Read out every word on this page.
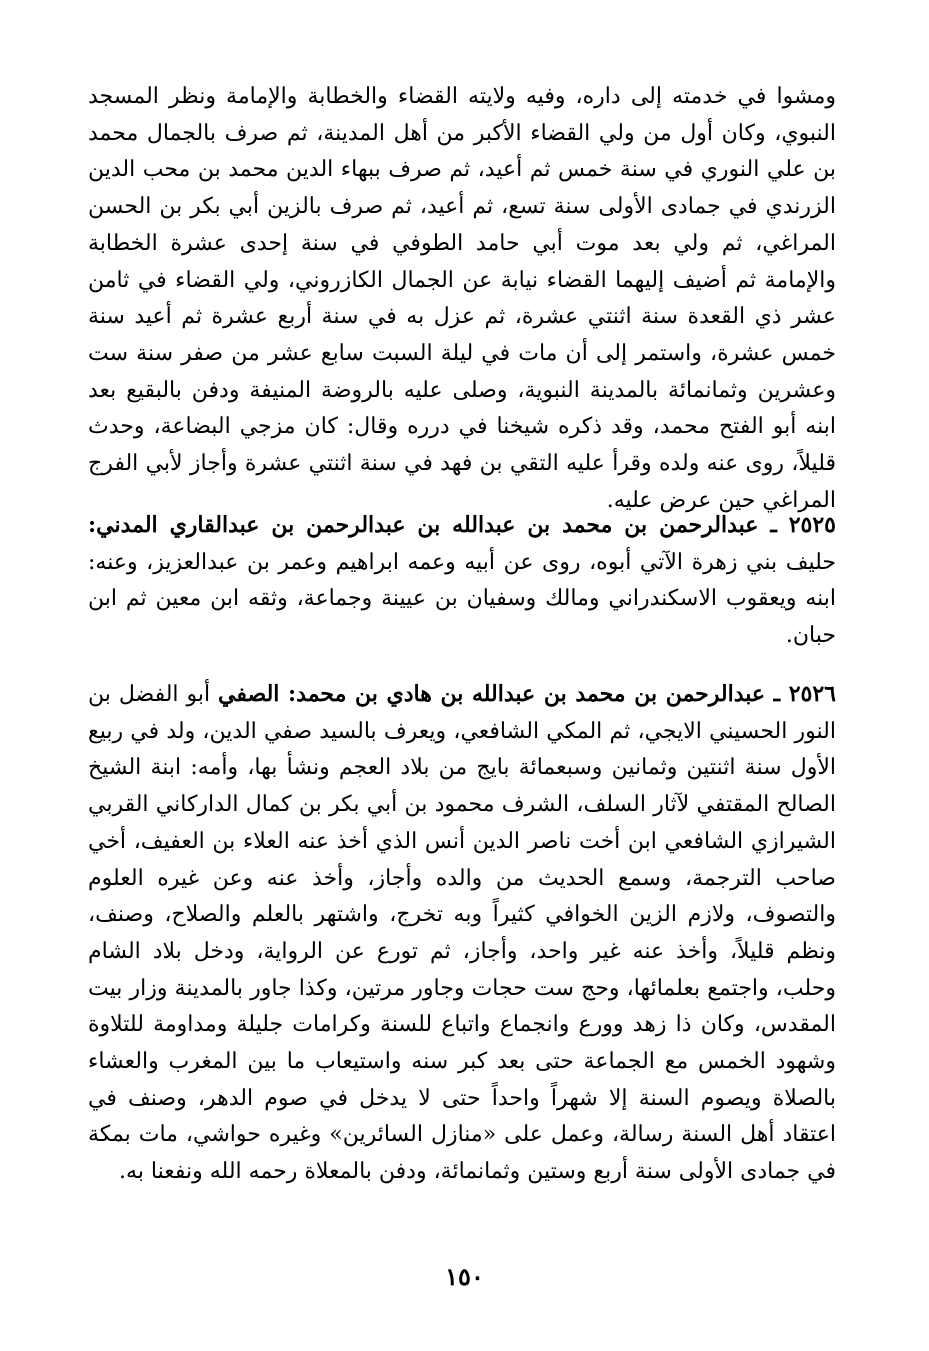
ومشوا في خدمته إلى داره، وفيه ولايته القضاء والخطابة والإمامة ونظر المسجد النبوي، وكان أول من ولي القضاء الأكبر من أهل المدينة، ثم صرف بالجمال محمد بن علي النوري في سنة خمس ثم أعيد، ثم صرف ببهاء الدين محمد بن محب الدين الزرندي في جمادى الأولى سنة تسع، ثم أعيد، ثم صرف بالزين أبي بكر بن الحسن المراغي، ثم ولي بعد موت أبي حامد الطوفي في سنة إحدى عشرة الخطابة والإمامة ثم أضيف إليهما القضاء نيابة عن الجمال الكازروني، ولي القضاء في ثامن عشر ذي القعدة سنة اثنتي عشرة، ثم عزل به في سنة أربع عشرة ثم أعيد سنة خمس عشرة، واستمر إلى أن مات في ليلة السبت سابع عشر من صفر سنة ست وعشرين وثمانمائة بالمدينة النبوية، وصلى عليه بالروضة المنيفة ودفن بالبقيع بعد ابنه أبو الفتح محمد، وقد ذكره شيخنا في درره وقال: كان مزجي البضاعة، وحدث قليلاً، روى عنه ولده وقرأ عليه التقي بن فهد في سنة اثنتي عشرة وأجاز لأبي الفرج المراغي حين عرض عليه.

٢٥٢٥ ـ عبدالرحمن بن محمد بن عبدالله بن عبدالرحمن بن عبدالقاري المدني: حليف بني زهرة الآتي أبوه، روى عن أبيه وعمه ابراهيم وعمر بن عبدالعزيز، وعنه: ابنه ويعقوب الاسكندراني ومالك وسفيان بن عيينة وجماعة، وثقه ابن معين ثم ابن حبان.

٢٥٢٦ ـ عبدالرحمن بن محمد بن عبدالله بن هادي بن محمد: الصفي أبو الفضل بن النور الحسيني الايجي، ثم المكي الشافعي، ويعرف بالسيد صفي الدين، ولد في ربيع الأول سنة اثنتين وثمانين وسبعمائة بايج من بلاد العجم ونشأ بها، وأمه: ابنة الشيخ الصالح المقتفي لآثار السلف، الشرف محمود بن أبي بكر بن كمال الداركاني القربي الشيرازي الشافعي ابن أخت ناصر الدين أنس الذي أخذ عنه العلاء بن العفيف، أخي صاحب الترجمة، وسمع الحديث من والده وأجاز، وأخذ عنه وعن غيره العلوم والتصوف، ولازم الزين الخوافي كثيراً وبه تخرج، واشتهر بالعلم والصلاح، وصنف، ونظم قليلاً، وأخذ عنه غير واحد، وأجاز، ثم تورع عن الرواية، ودخل بلاد الشام وحلب، واجتمع بعلمائها، وحج ست حجات وجاور مرتين، وكذا جاور بالمدينة وزار بيت المقدس، وكان ذا زهد وورع وانجماع واتباع للسنة وكرامات جليلة ومداومة للتلاوة وشهود الخمس مع الجماعة حتى بعد كبر سنه واستيعاب ما بين المغرب والعشاء بالصلاة ويصوم السنة إلا شهراً واحداً حتى لا يدخل في صوم الدهر، وصنف في اعتقاد أهل السنة رسالة، وعمل على «منازل السائرين» وغيره حواشي، مات بمكة في جمادى الأولى سنة أربع وستين وثمانمائة، ودفن بالمعلاة رحمه الله ونفعنا به.

١٥٠
